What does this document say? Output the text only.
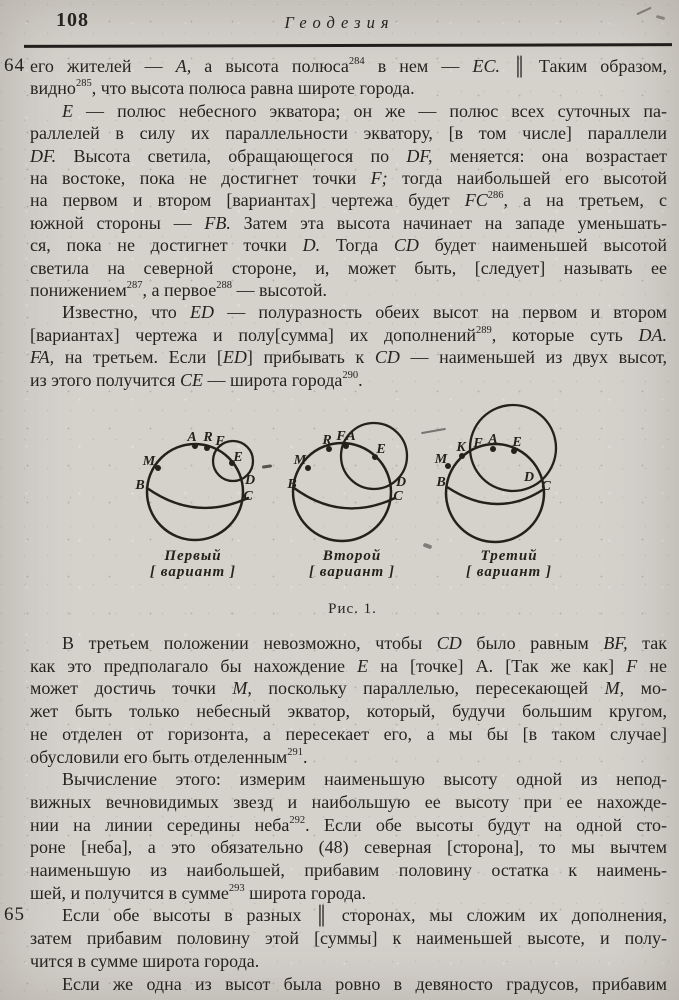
108	Геодезия
64 его жителей — A, а высота полюса$^{284}$ в нем — EC. ║ Таким образом,
видно$^{285}$, что высота полюса равна широте города.
E — полюс небесного экватора; он же — полюс всех суточных па-
раллелей в силу их параллельности экватору, [в том числе] параллели
DF. Высота светила, обращающегося по DF, меняется: она возрастает
на востоке, пока не достигнет точки F; тогда наибольшей его высотой
на первом и втором [вариантах] чертежа будет FC$^{286}$, а на третьем, с
южной стороны — FB. Затем эта высота начинает на западе уменьшать-
ся, пока не достигнет точки D. Тогда CD будет наименьшей высотой
светила на северной стороне, и, может быть, [следует] называть ее
понижением$^{287}$, а первое$^{288}$ — высотой.
Известно, что ED — полуразность обеих высот на первом и втором
[вариантах] чертежа и полу[сумма] их дополнений$^{289}$, которые суть DA.
FA, на третьем. Если [ED] прибывать к CD — наименьшей из двух высот,
из этого получится CE — широта города$^{290}$.
M
A R F
E
B	D
C
Первый
[ вариант ]
M
R F A
E
B	D
C
Второй
[ вариант ]
M
K F A E
B	D
C
Третий
[ вариант ]
Рис. 1.
В третьем положении невозможно, чтобы CD было равным BF, так
как это предполагало бы нахождение E на [точке] А. [Так же как] F не
может достичь точки M, поскольку параллелью, пересекающей M, мо-
жет быть только небесный экватор, который, будучи большим кругом,
не отделен от горизонта, а пересекает его, а мы бы [в таком случае]
обусловили его быть отделенным$^{291}$.
Вычисление этого: измерим наименьшую высоту одной из непод-
вижных вечновидимых звезд и наибольшую ее высоту при ее нахожде-
нии на линии середины неба$^{292}$. Если обе высоты будут на одной сто-
роне [неба], а это обязательно (48) северная [сторона], то мы вычтем
наименьшую из наибольшей, прибавим половину остатка к наимень-
шей, и получится в сумме$^{293}$ широта города.
65	Если обе высоты в разных ║ сторонах, мы сложим их дополнения,
затем прибавим половину этой [суммы] к наименьшей высоте, и полу-
чится в сумме широта города.
Если же одна из высот была ровно в девяносто градусов, прибавим
